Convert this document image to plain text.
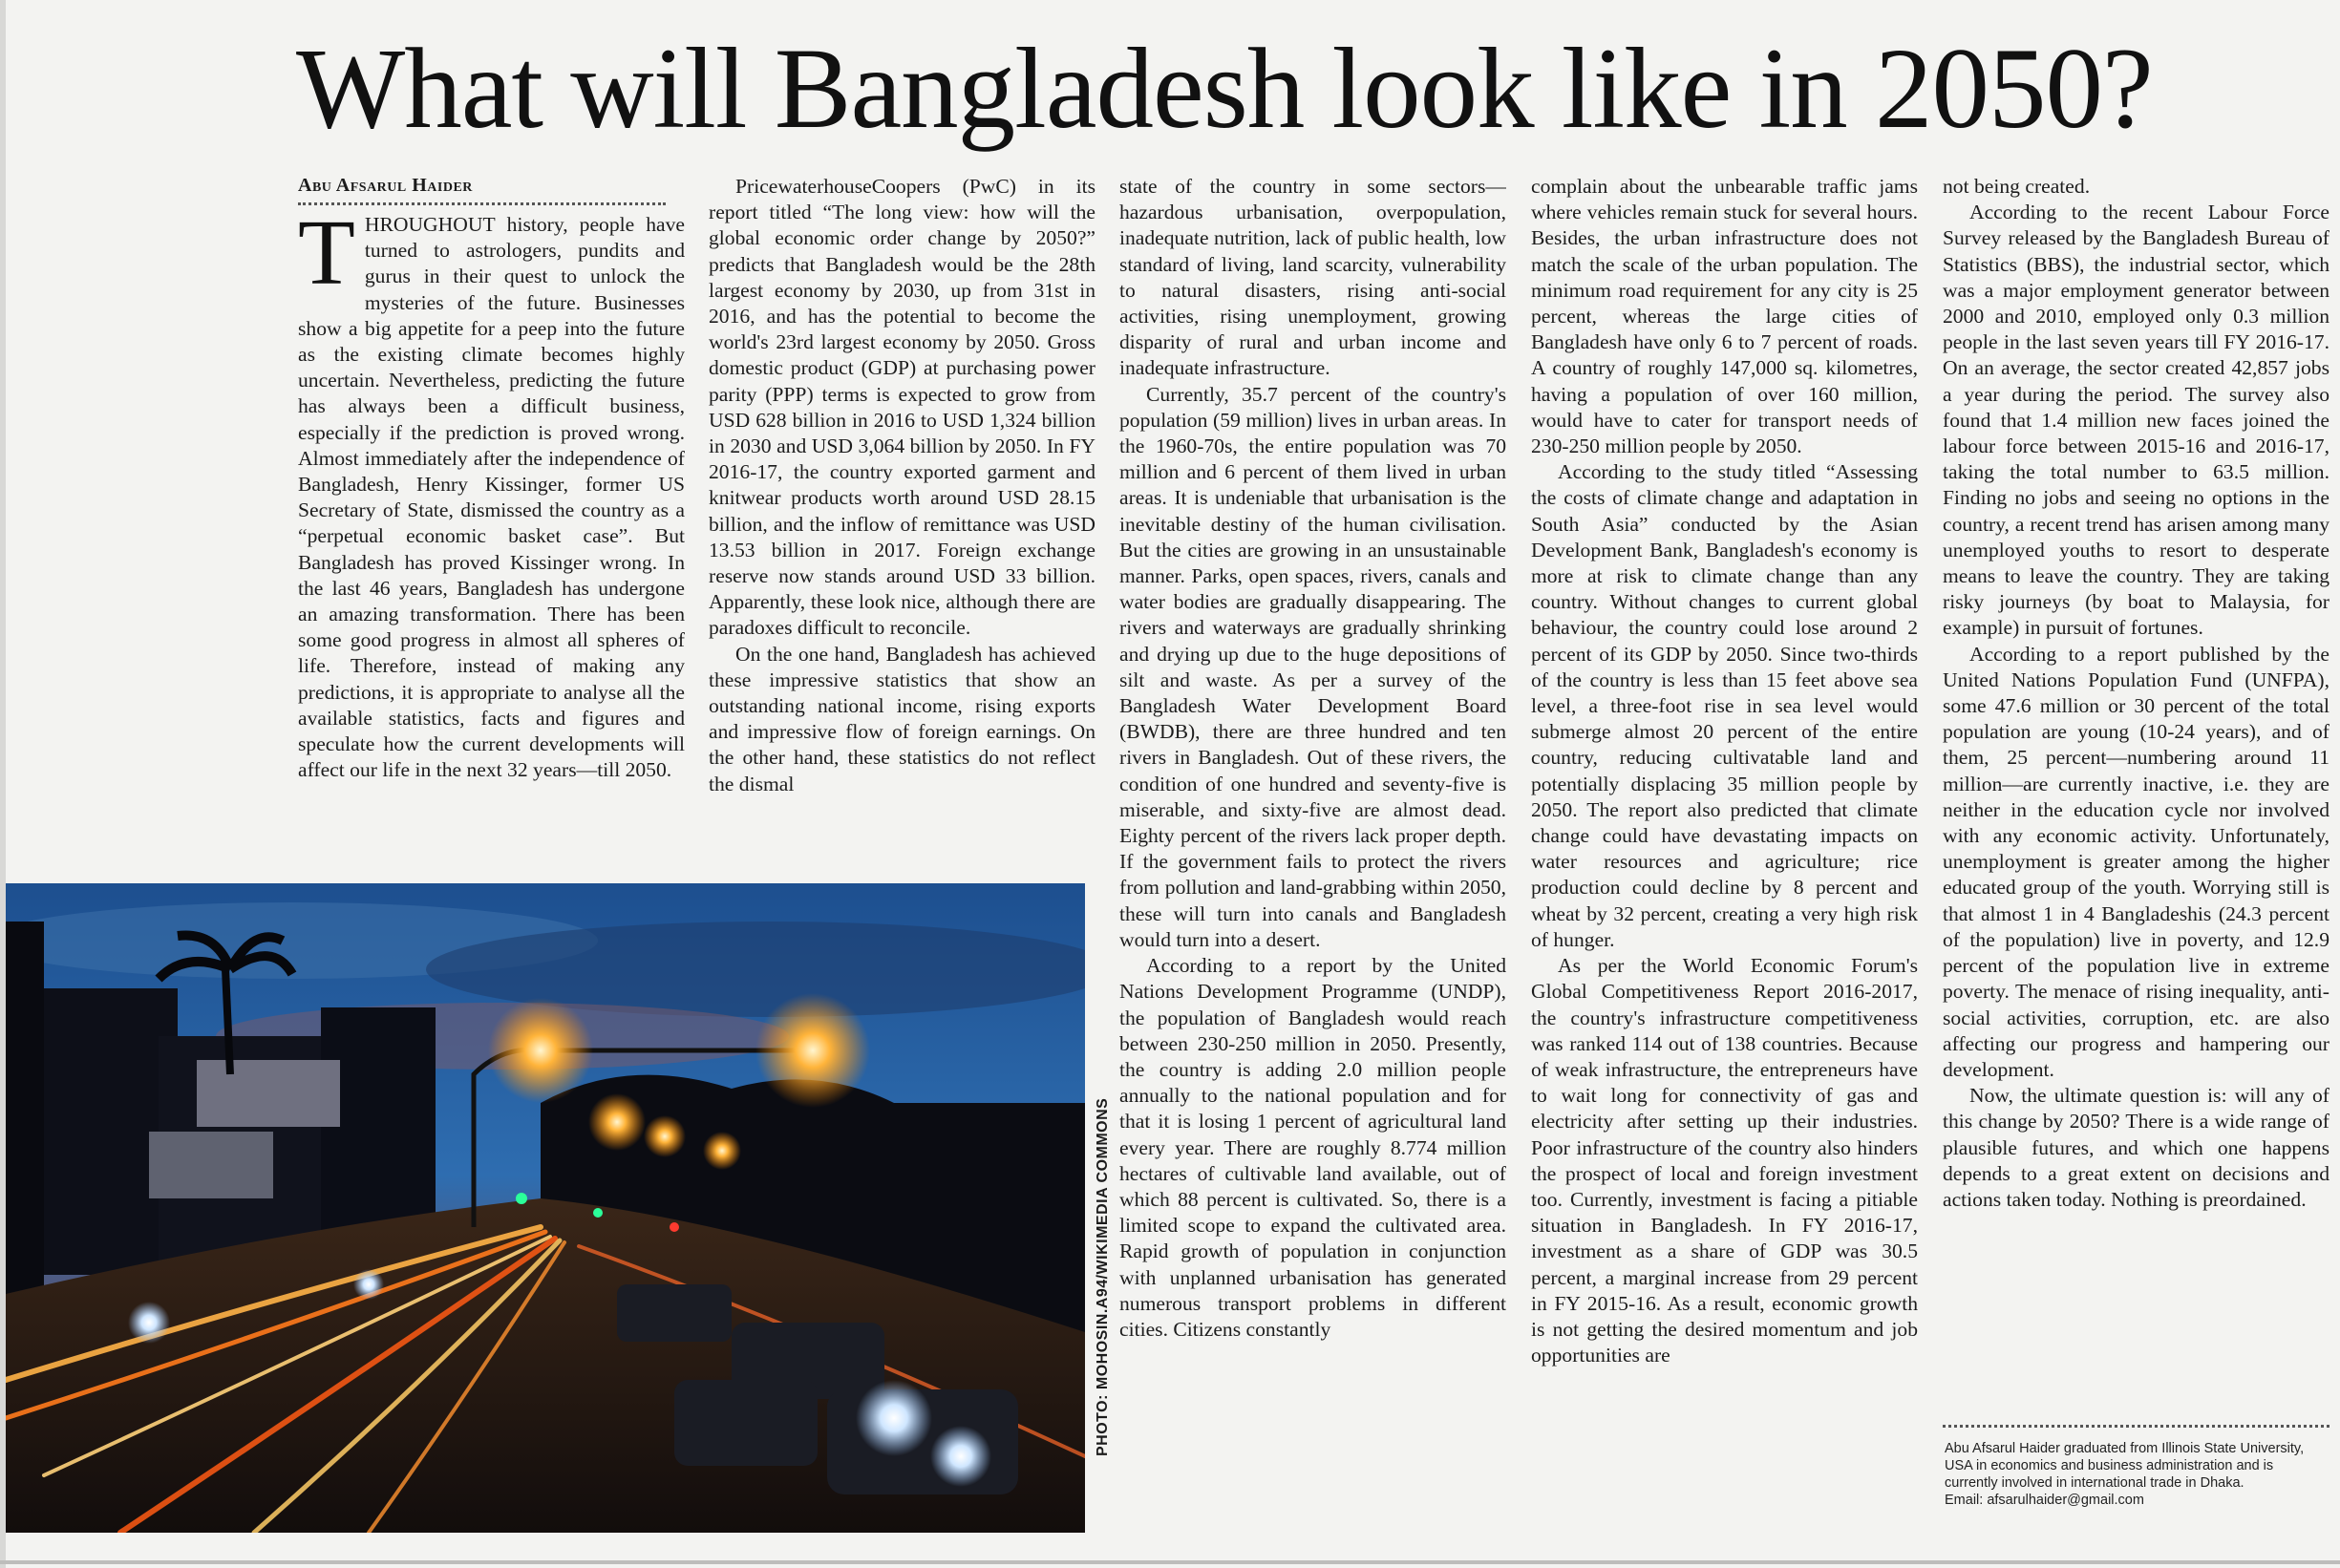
What will Bangladesh look like in 2050?
Abu Afsarul Haider

THROUGHOUT history, people have turned to astrologers, pundits and gurus in their quest to unlock the mysteries of the future. Businesses show a big appetite for a peep into the future as the existing climate becomes highly uncertain. Nevertheless, predicting the future has always been a difficult business, especially if the prediction is proved wrong. Almost immediately after the independence of Bangladesh, Henry Kissinger, former US Secretary of State, dismissed the country as a “perpetual economic basket case”. But Bangladesh has proved Kissinger wrong. In the last 46 years, Bangladesh has undergone an amazing transformation. There has been some good progress in almost all spheres of life. Therefore, instead of making any predictions, it is appropriate to analyse all the available statistics, facts and figures and speculate how the current developments will affect our life in the next 32 years—till 2050.

PricewaterhouseCoopers (PwC) in its report titled “The long view: how will the global economic order change by 2050?” predicts that Bangladesh would be the 28th largest economy by 2030, up from 31st in 2016, and has the potential to become the world's 23rd largest economy by 2050. Gross domestic product (GDP) at purchasing power parity (PPP) terms is expected to grow from USD 628 billion in 2016 to USD 1,324 billion in 2030 and USD 3,064 billion by 2050. In FY 2016-17, the country exported garment and knitwear products worth around USD 28.15 billion, and the inflow of remittance was USD 13.53 billion in 2017. Foreign exchange reserve now stands around USD 33 billion. Apparently, these look nice, although there are paradoxes difficult to reconcile.

On the one hand, Bangladesh has achieved these impressive statistics that show an outstanding national income, rising exports and impressive flow of foreign earnings. On the other hand, these statistics do not reflect the dismal

state of the country in some sectors—hazardous urbanisation, overpopulation, inadequate nutrition, lack of public health, low standard of living, land scarcity, vulnerability to natural disasters, rising anti-social activities, rising unemployment, growing disparity of rural and urban income and inadequate infrastructure.

Currently, 35.7 percent of the country's population (59 million) lives in urban areas. In the 1960-70s, the entire population was 70 million and 6 percent of them lived in urban areas. It is undeniable that urbanisation is the inevitable destiny of the human civilisation. But the cities are growing in an unsustainable manner. Parks, open spaces, rivers, canals and water bodies are gradually disappearing. The rivers and waterways are gradually shrinking and drying up due to the huge depositions of silt and waste. As per a survey of the Bangladesh Water Development Board (BWDB), there are three hundred and ten rivers in Bangladesh. Out of these rivers, the condition of one hundred and seventy-five is miserable, and sixty-five are almost dead. Eighty percent of the rivers lack proper depth. If the government fails to protect the rivers from pollution and land-grabbing within 2050, these will turn into canals and Bangladesh would turn into a desert.

According to a report by the United Nations Development Programme (UNDP), the population of Bangladesh would reach between 230-250 million in 2050. Presently, the country is adding 2.0 million people annually to the national population and for that it is losing 1 percent of agricultural land every year. There are roughly 8.774 million hectares of cultivable land available, out of which 88 percent is cultivated. So, there is a limited scope to expand the cultivated area. Rapid growth of population in conjunction with unplanned urbanisation has generated numerous transport problems in different cities. Citizens constantly

complain about the unbearable traffic jams where vehicles remain stuck for several hours. Besides, the urban infrastructure does not match the scale of the urban population. The minimum road requirement for any city is 25 percent, whereas the large cities of Bangladesh have only 6 to 7 percent of roads. A country of roughly 147,000 sq. kilometres, having a population of over 160 million, would have to cater for transport needs of 230-250 million people by 2050.

According to the study titled “Assessing the costs of climate change and adaptation in South Asia” conducted by the Asian Development Bank, Bangladesh's economy is more at risk to climate change than any country. Without changes to current global behaviour, the country could lose around 2 percent of its GDP by 2050. Since two-thirds of the country is less than 15 feet above sea level, a three-foot rise in sea level would submerge almost 20 percent of the entire country, reducing cultivatable land and potentially displacing 35 million people by 2050. The report also predicted that climate change could have devastating impacts on water resources and agriculture; rice production could decline by 8 percent and wheat by 32 percent, creating a very high risk of hunger.

As per the World Economic Forum's Global Competitiveness Report 2016-2017, the country's infrastructure competitiveness was ranked 114 out of 138 countries. Because of weak infrastructure, the entrepreneurs have to wait long for connectivity of gas and electricity after setting up their industries. Poor infrastructure of the country also hinders the prospect of local and foreign investment too. Currently, investment is facing a pitiable situation in Bangladesh. In FY 2016-17, investment as a share of GDP was 30.5 percent, a marginal increase from 29 percent in FY 2015-16. As a result, economic growth is not getting the desired momentum and job opportunities are

not being created.

According to the recent Labour Force Survey released by the Bangladesh Bureau of Statistics (BBS), the industrial sector, which was a major employment generator between 2000 and 2010, employed only 0.3 million people in the last seven years till FY 2016-17. On an average, the sector created 42,857 jobs a year during the period. The survey also found that 1.4 million new faces joined the labour force between 2015-16 and 2016-17, taking the total number to 63.5 million. Finding no jobs and seeing no options in the country, a recent trend has arisen among many unemployed youths to resort to desperate means to leave the country. They are taking risky journeys (by boat to Malaysia, for example) in pursuit of fortunes.

According to a report published by the United Nations Population Fund (UNFPA), some 47.6 million or 30 percent of the total population are young (10-24 years), and of them, 25 percent—numbering around 11 million—are currently inactive, i.e. they are neither in the education cycle nor involved with any economic activity. Unfortunately, unemployment is greater among the higher educated group of the youth. Worrying still is that almost 1 in 4 Bangladeshis (24.3 percent of the population) live in poverty, and 12.9 percent of the population live in extreme poverty. The menace of rising inequality, anti-social activities, corruption, etc. are also affecting our progress and hampering our development.

Now, the ultimate question is: will any of this change by 2050? There is a wide range of plausible futures, and which one happens depends to a great extent on decisions and actions taken today. Nothing is preordained.

Abu Afsarul Haider graduated from Illinois State University, USA in economics and business administration and is currently involved in international trade in Dhaka.
Email: afsarulhaider@gmail.com
PHOTO: MOHOSIN.A94/WIKIMEDIA COMMONS
